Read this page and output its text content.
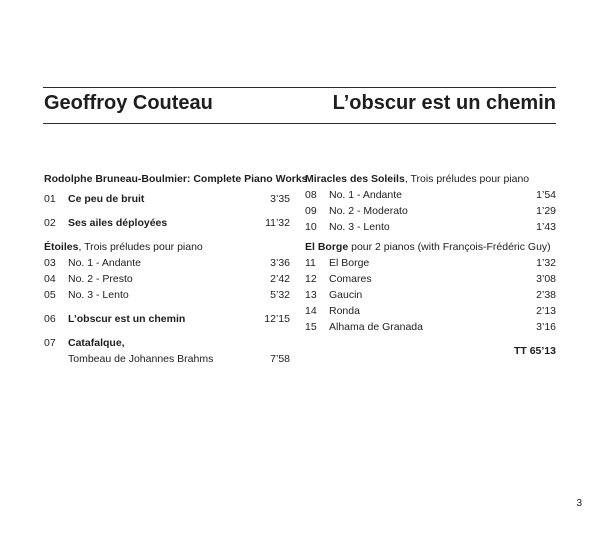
Geoffroy Couteau	L’obscur est un chemin
Rodolphe Bruneau-Boulmier: Complete Piano Works
01 Ce peu de bruit	3’35
02 Ses ailes déployées	11’32
Étoiles, Trois préludes pour piano
03 No. 1 - Andante	3’36
04 No. 2 - Presto	2’42
05 No. 3 - Lento	5’32
06 L’obscur est un chemin	12’15
07 Catafalque,
Tombeau de Johannes Brahms	7’58
Miracles des Soleils, Trois préludes pour piano
08 No. 1 - Andante	1’54
09 No. 2 - Moderato	1’29
10 No. 3 - Lento	1’43
El Borge pour 2 pianos (with François-Frédéric Guy)
11 El Borge	1’32
12 Comares	3’08
13 Gaucin	2’38
14 Ronda	2’13
15 Alhama de Granada	3’16
TT 65’13
3
